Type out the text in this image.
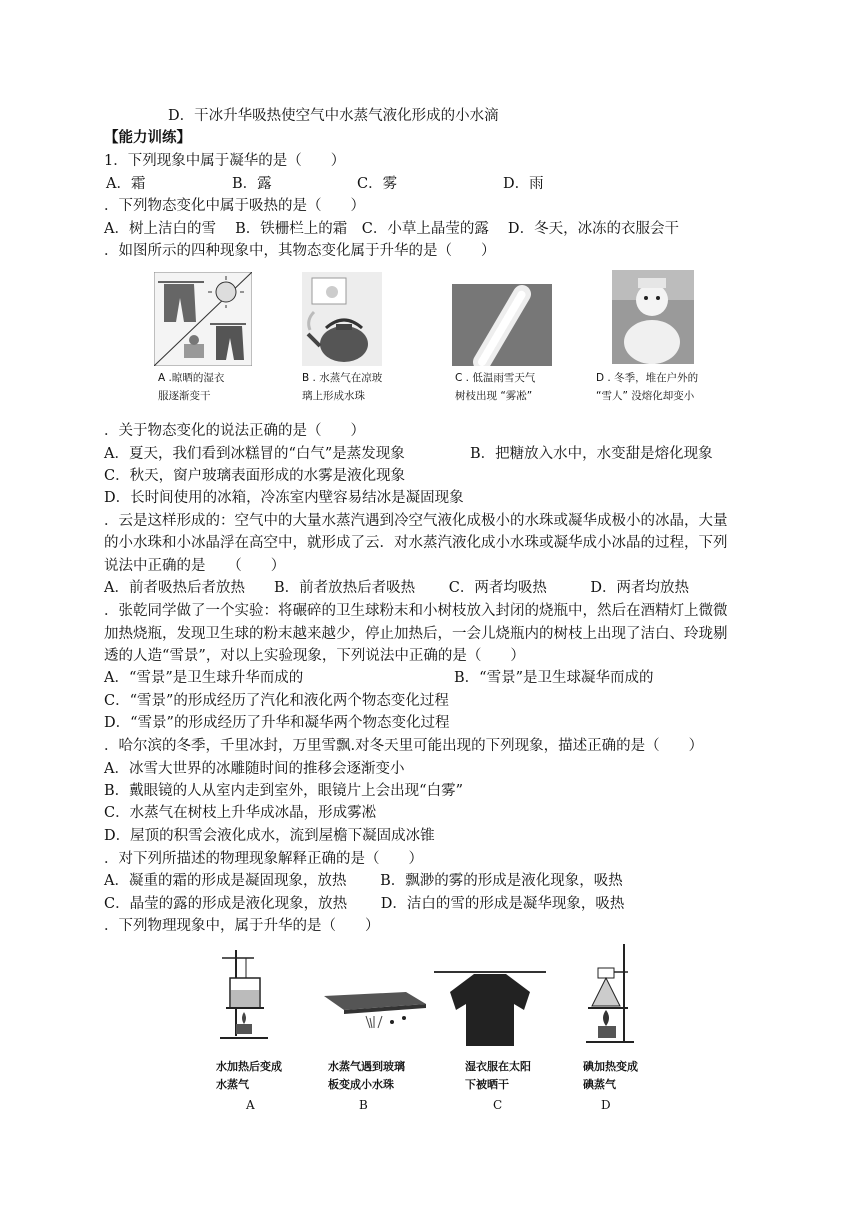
D．干冰升华吸热使空气中水蒸气液化形成的小水滴
【能力训练】
1．下列现象中属于凝华的是（　　）
A．霜	B．露	C．雾	D．雨
．下列物态变化中属于吸热的是（　　）
A．树上洁白的雪　 B．铁栅栏上的霜　C．小草上晶莹的露　 D．冬天，冰冻的衣服会干
．如图所示的四种现象中，其物态变化属于升华的是（　　）
A .晾晒的湿衣
服逐渐变干
B . 水蒸气在凉玻
璃上形成水珠
C . 低温雨雪天气
树枝出现 “雾凇”
D . 冬季，堆在户外的
“雪人” 没熔化却变小
．关于物态变化的说法正确的是（　　）
A．夏天，我们看到冰糕冒的“白气”是蒸发现象	B．把糖放入水中，水变甜是熔化现象
C．秋天，窗户玻璃表面形成的水雾是液化现象
D．长时间使用的冰箱，冷冻室内壁容易结冰是凝固现象
．云是这样形成的：空气中的大量水蒸汽遇到冷空气液化成极小的水珠或凝华成极小的冰晶，大量
的小水珠和小冰晶浮在高空中，就形成了云．对水蒸汽液化成小水珠或凝华成小冰晶的过程，下列
说法中正确的是　　（　　）
A．前者吸热后者放热　　B．前者放热后者吸热　　 C．两者均吸热　　　D．两者均放热
．张乾同学做了一个实验：将碾碎的卫生球粉末和小树枝放入封闭的烧瓶中，然后在酒精灯上微微
加热烧瓶，发现卫生球的粉末越来越少，停止加热后，一会儿烧瓶内的树枝上出现了洁白、玲珑剔
透的人造“雪景”，对以上实验现象，下列说法中正确的是（　　）
A．“雪景”是卫生球升华而成的	B．“雪景”是卫生球凝华而成的
C．“雪景”的形成经历了汽化和液化两个物态变化过程
D．“雪景”的形成经历了升华和凝华两个物态变化过程
．哈尔滨的冬季，千里冰封，万里雪飘.对冬天里可能出现的下列现象，描述正确的是（　　）
A．冰雪大世界的冰雕随时间的推移会逐渐变小
B．戴眼镜的人从室内走到室外，眼镜片上会出现“白雾”
C．水蒸气在树枝上升华成冰晶，形成雾凇
D．屋顶的积雪会液化成水，流到屋檐下凝固成冰锥
．对下列所描述的物理现象解释正确的是（　　）
A．凝重的霜的形成是凝固现象，放热　　 B．飘渺的雾的形成是液化现象，吸热
C．晶莹的露的形成是液化现象，放热　　 D．洁白的雪的形成是凝华现象，吸热
．下列物理现象中，属于升华的是（　　）
水加热后变成
水蒸气
水蒸气遇到玻璃
板变成小水珠
湿衣服在太阳
下被晒干
碘加热变成
碘蒸气
A	B	C	D
